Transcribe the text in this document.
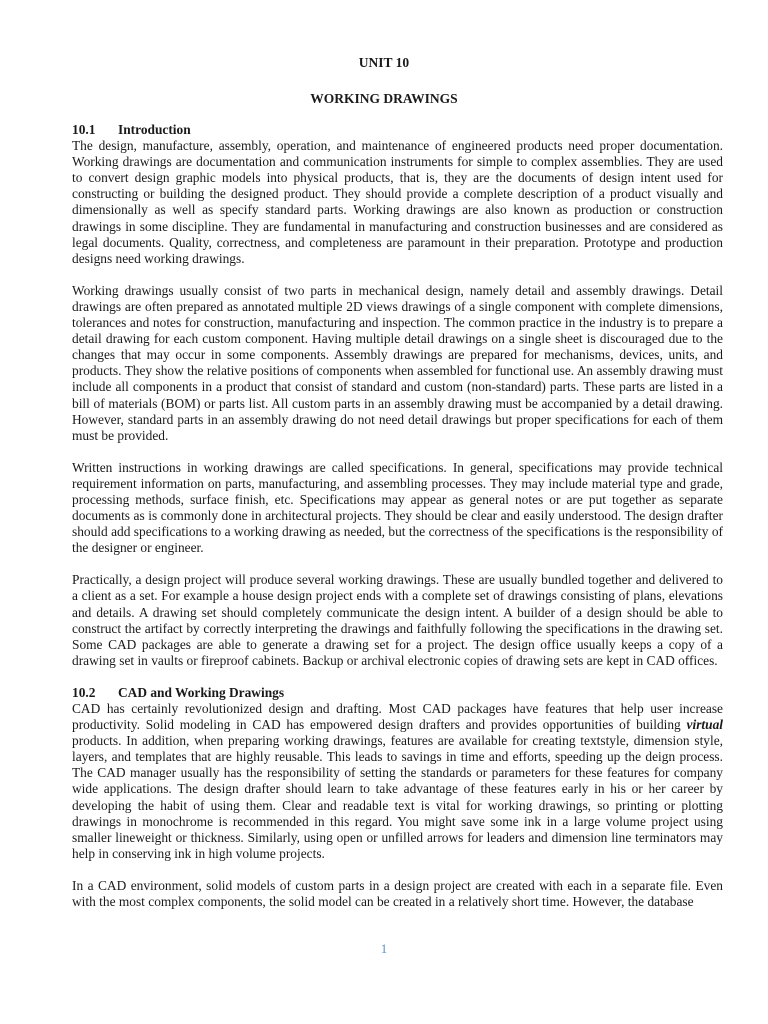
UNIT 10
WORKING DRAWINGS
10.1 Introduction

The design, manufacture, assembly, operation, and maintenance of engineered products need proper documentation. Working drawings are documentation and communication instruments for simple to complex assemblies. They are used to convert design graphic models into physical products, that is, they are the documents of design intent used for constructing or building the designed product. They should provide a complete description of a product visually and dimensionally as well as specify standard parts. Working drawings are also known as production or construction drawings in some discipline. They are fundamental in manufacturing and construction businesses and are considered as legal documents. Quality, correctness, and completeness are paramount in their preparation. Prototype and production designs need working drawings.

Working drawings usually consist of two parts in mechanical design, namely detail and assembly drawings. Detail drawings are often prepared as annotated multiple 2D views drawings of a single component with complete dimensions, tolerances and notes for construction, manufacturing and inspection. The common practice in the industry is to prepare a detail drawing for each custom component. Having multiple detail drawings on a single sheet is discouraged due to the changes that may occur in some components. Assembly drawings are prepared for mechanisms, devices, units, and products. They show the relative positions of components when assembled for functional use. An assembly drawing must include all components in a product that consist of standard and custom (non-standard) parts. These parts are listed in a bill of materials (BOM) or parts list. All custom parts in an assembly drawing must be accompanied by a detail drawing. However, standard parts in an assembly drawing do not need detail drawings but proper specifications for each of them must be provided.

Written instructions in working drawings are called specifications. In general, specifications may provide technical requirement information on parts, manufacturing, and assembling processes. They may include material type and grade, processing methods, surface finish, etc. Specifications may appear as general notes or are put together as separate documents as is commonly done in architectural projects. They should be clear and easily understood. The design drafter should add specifications to a working drawing as needed, but the correctness of the specifications is the responsibility of the designer or engineer.

Practically, a design project will produce several working drawings. These are usually bundled together and delivered to a client as a set. For example a house design project ends with a complete set of drawings consisting of plans, elevations and details. A drawing set should completely communicate the design intent. A builder of a design should be able to construct the artifact by correctly interpreting the drawings and faithfully following the specifications in the drawing set. Some CAD packages are able to generate a drawing set for a project. The design office usually keeps a copy of a drawing set in vaults or fireproof cabinets. Backup or archival electronic copies of drawing sets are kept in CAD offices.

10.2 CAD and Working Drawings

CAD has certainly revolutionized design and drafting. Most CAD packages have features that help user increase productivity. Solid modeling in CAD has empowered design drafters and provides opportunities of building virtual products. In addition, when preparing working drawings, features are available for creating textstyle, dimension style, layers, and templates that are highly reusable. This leads to savings in time and efforts, speeding up the deign process. The CAD manager usually has the responsibility of setting the standards or parameters for these features for company wide applications. The design drafter should learn to take advantage of these features early in his or her career by developing the habit of using them. Clear and readable text is vital for working drawings, so printing or plotting drawings in monochrome is recommended in this regard. You might save some ink in a large volume project using smaller lineweight or thickness. Similarly, using open or unfilled arrows for leaders and dimension line terminators may help in conserving ink in high volume projects.

In a CAD environment, solid models of custom parts in a design project are created with each in a separate file. Even with the most complex components, the solid model can be created in a relatively short time. However, the database

1
